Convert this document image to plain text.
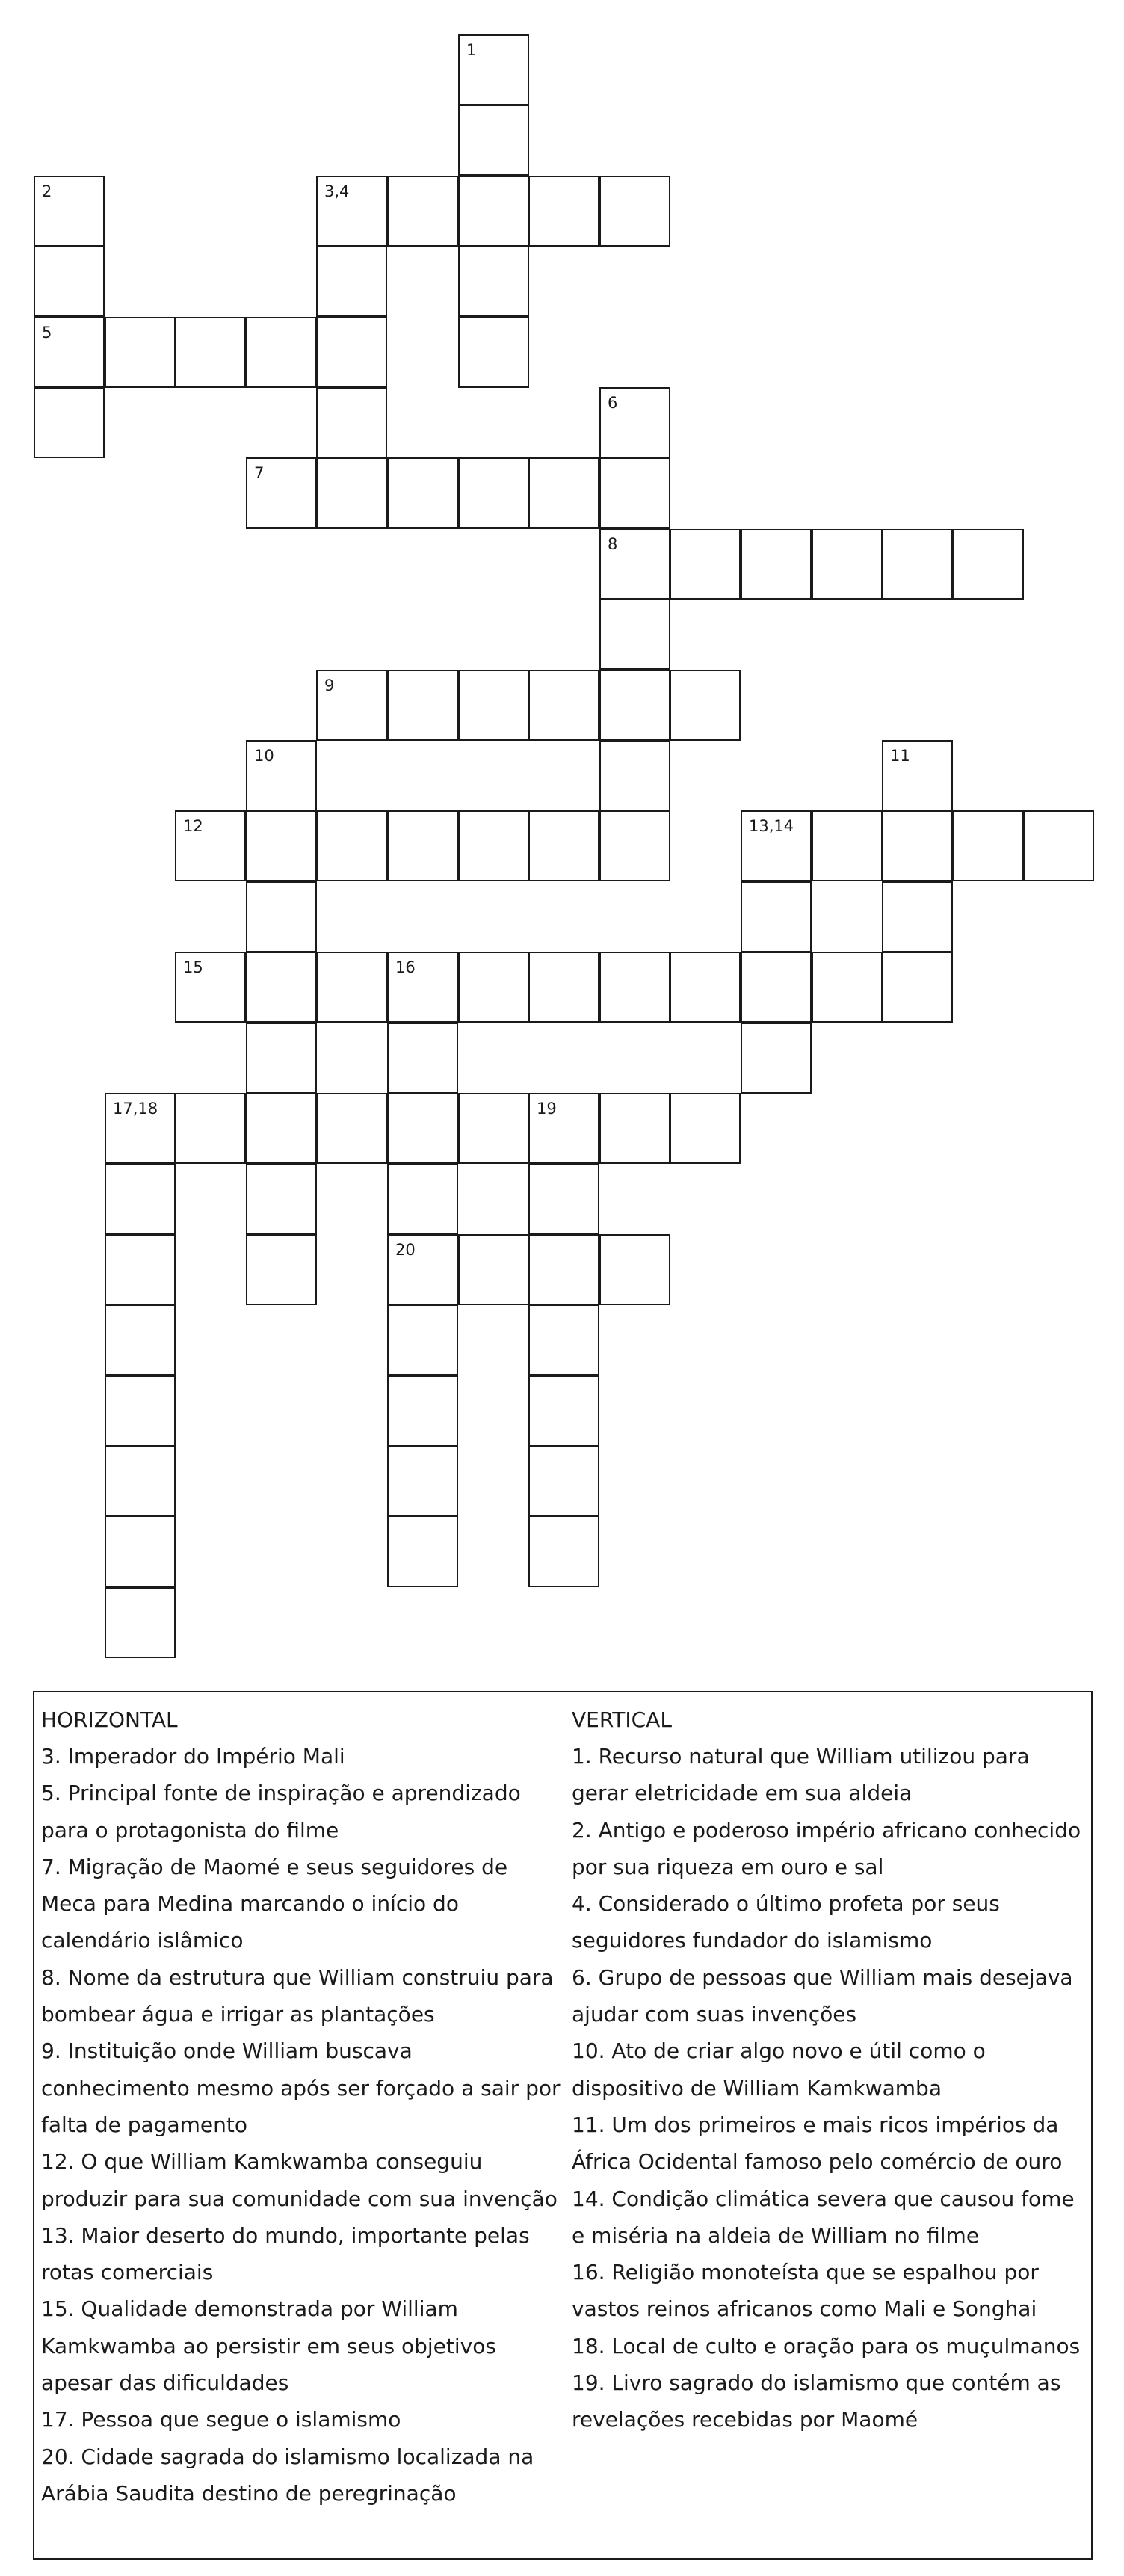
1
2	3,4
5
6
7
8
9
10	11
12	13,14
15	16
17,18	19
20
HORIZONTAL
3. Imperador do Império Mali
5. Principal fonte de inspiração e aprendizado para o protagonista do filme
7. Migração de Maomé e seus seguidores de Meca para Medina marcando o início do calendário islâmico
8. Nome da estrutura que William construiu para bombear água e irrigar as plantações
9. Instituição onde William buscava conhecimento mesmo após ser forçado a sair por falta de pagamento
12. O que William Kamkwamba conseguiu produzir para sua comunidade com sua invenção
13. Maior deserto do mundo, importante pelas rotas comerciais
15. Qualidade demonstrada por William Kamkwamba ao persistir em seus objetivos apesar das dificuldades
17. Pessoa que segue o islamismo
20. Cidade sagrada do islamismo localizada na Arábia Saudita destino de peregrinação
VERTICAL
1. Recurso natural que William utilizou para gerar eletricidade em sua aldeia
2. Antigo e poderoso império africano conhecido por sua riqueza em ouro e sal
4. Considerado o último profeta por seus seguidores fundador do islamismo
6. Grupo de pessoas que William mais desejava ajudar com suas invenções
10. Ato de criar algo novo e útil como o dispositivo de William Kamkwamba
11. Um dos primeiros e mais ricos impérios da África Ocidental famoso pelo comércio de ouro
14. Condição climática severa que causou fome e miséria na aldeia de William no filme
16. Religião monoteísta que se espalhou por vastos reinos africanos como Mali e Songhai
18. Local de culto e oração para os muçulmanos
19. Livro sagrado do islamismo que contém as revelações recebidas por Maomé
